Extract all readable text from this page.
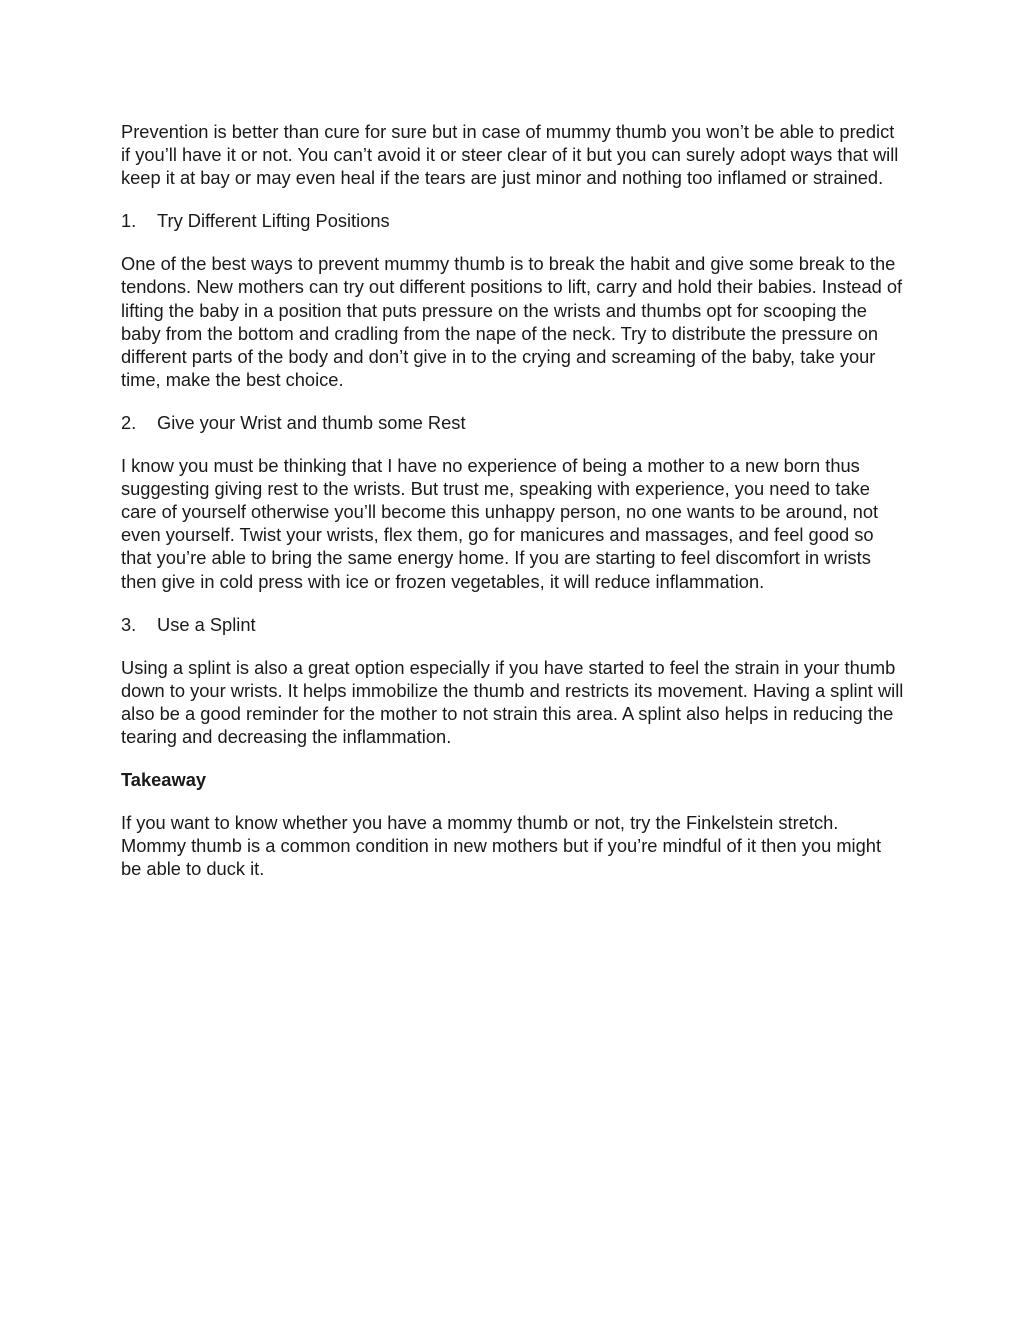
Prevention is better than cure for sure but in case of mummy thumb you won’t be able to predict if you’ll have it or not. You can’t avoid it or steer clear of it but you can surely adopt ways that will keep it at bay or may even heal if the tears are just minor and nothing too inflamed or strained.

1.	Try Different Lifting Positions

One of the best ways to prevent mummy thumb is to break the habit and give some break to the tendons. New mothers can try out different positions to lift, carry and hold their babies. Instead of lifting the baby in a position that puts pressure on the wrists and thumbs opt for scooping the baby from the bottom and cradling from the nape of the neck. Try to distribute the pressure on different parts of the body and don’t give in to the crying and screaming of the baby, take your time, make the best choice.

2.	Give your Wrist and thumb some Rest

I know you must be thinking that I have no experience of being a mother to a new born thus suggesting giving rest to the wrists. But trust me, speaking with experience, you need to take care of yourself otherwise you’ll become this unhappy person, no one wants to be around, not even yourself. Twist your wrists, flex them, go for manicures and massages, and feel good so that you’re able to bring the same energy home. If you are starting to feel discomfort in wrists then give in cold press with ice or frozen vegetables, it will reduce inflammation.

3.	Use a Splint

Using a splint is also a great option especially if you have started to feel the strain in your thumb down to your wrists. It helps immobilize the thumb and restricts its movement. Having a splint will also be a good reminder for the mother to not strain this area. A splint also helps in reducing the tearing and decreasing the inflammation.

Takeaway

If you want to know whether you have a mommy thumb or not, try the Finkelstein stretch. Mommy thumb is a common condition in new mothers but if you’re mindful of it then you might be able to duck it.
